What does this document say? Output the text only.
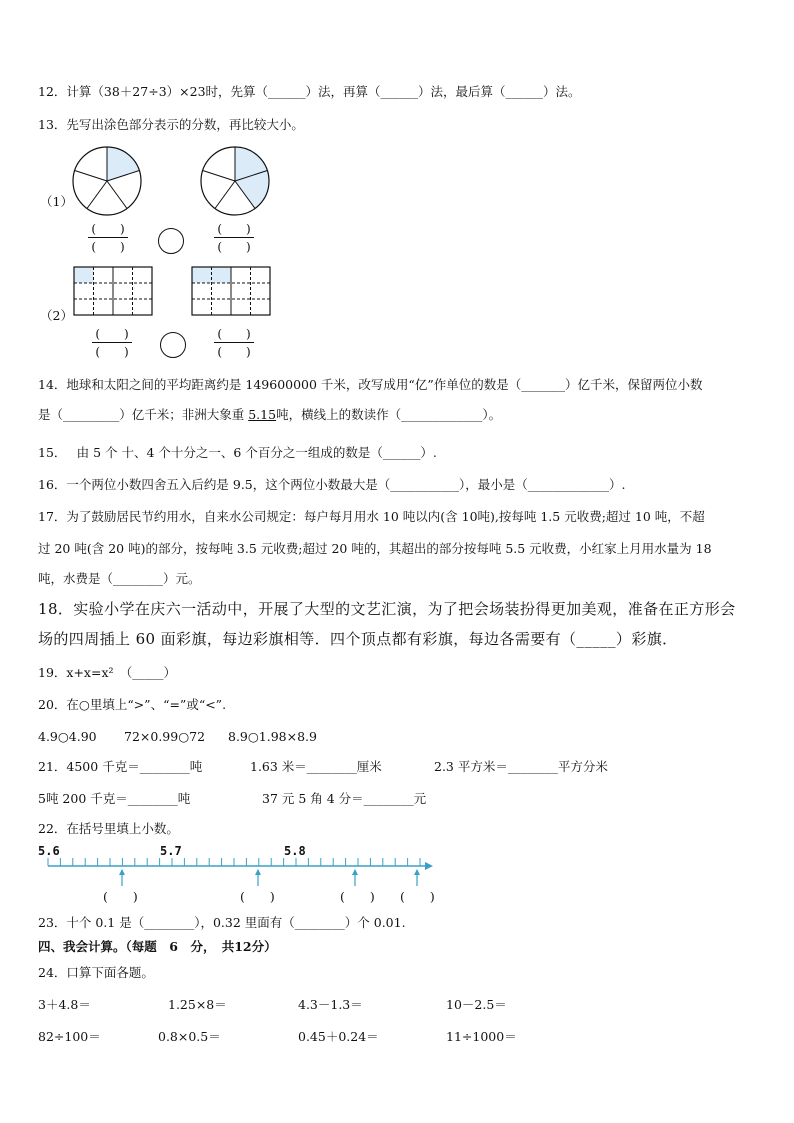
12．计算（38＋27÷3）×23时，先算（______）法，再算（______）法，最后算（______）法。
13．先写出涂色部分表示的分数，再比较大小。
（1）
(　　)
(　　)
(　　)
(　　)
（2）
(　　)
(　　)
(　　)
(　　)
14．地球和太阳之间的平均距离约是 149600000 千米，改写成用“亿”作单位的数是（_______）亿千米，保留两位小数
是（_________）亿千米；非洲大象重 5.15吨，横线上的数读作（_____________）。
15．　 由 5 个 十、4 个十分之一、6 个百分之一组成的数是（______）.
16．一个两位小数四舍五入后约是 9.5，这个两位小数最大是（___________），最小是（_____________）.
17．为了鼓励居民节约用水，自来水公司规定：每户每月用水 10 吨以内(含 10吨),按每吨 1.5 元收费;超过 10 吨，不超
过 20 吨(含 20 吨)的部分，按每吨 3.5 元收费;超过 20 吨的，其超出的部分按每吨 5.5 元收费，小红家上月用水量为 18
吨，水费是（________）元。
18．实验小学在庆六一活动中，开展了大型的文艺汇演，为了把会场装扮得更加美观，准备在正方形会
场的四周插上 60 面彩旗，每边彩旗相等．四个顶点都有彩旗，每边各需要有（_____）彩旗．
19．x+x=x²　（_____）
20．在○里填上“>”、“=”或“<”.
4.9○4.90 72×0.99○72 8.9○1.98×8.9
21．4500 千克＝________吨	1.63 米＝________厘米	2.3 平方米＝________平方分米
5吨 200 千克＝________吨	37 元 5 角 4 分＝________元
22．在括号里填上小数。
5.6	5.7	5.8
(　　)	(　　)	(　　) (　　)
23．十个 0.1 是（________），0.32 里面有（________）个 0.01.
四、我会计算。（每题　6　分，　共12分）
24．口算下面各题。
3＋4.8＝	1.25×8＝	4.3－1.3＝	10－2.5＝
82÷100＝	0.8×0.5＝	0.45＋0.24＝	11÷1000＝
